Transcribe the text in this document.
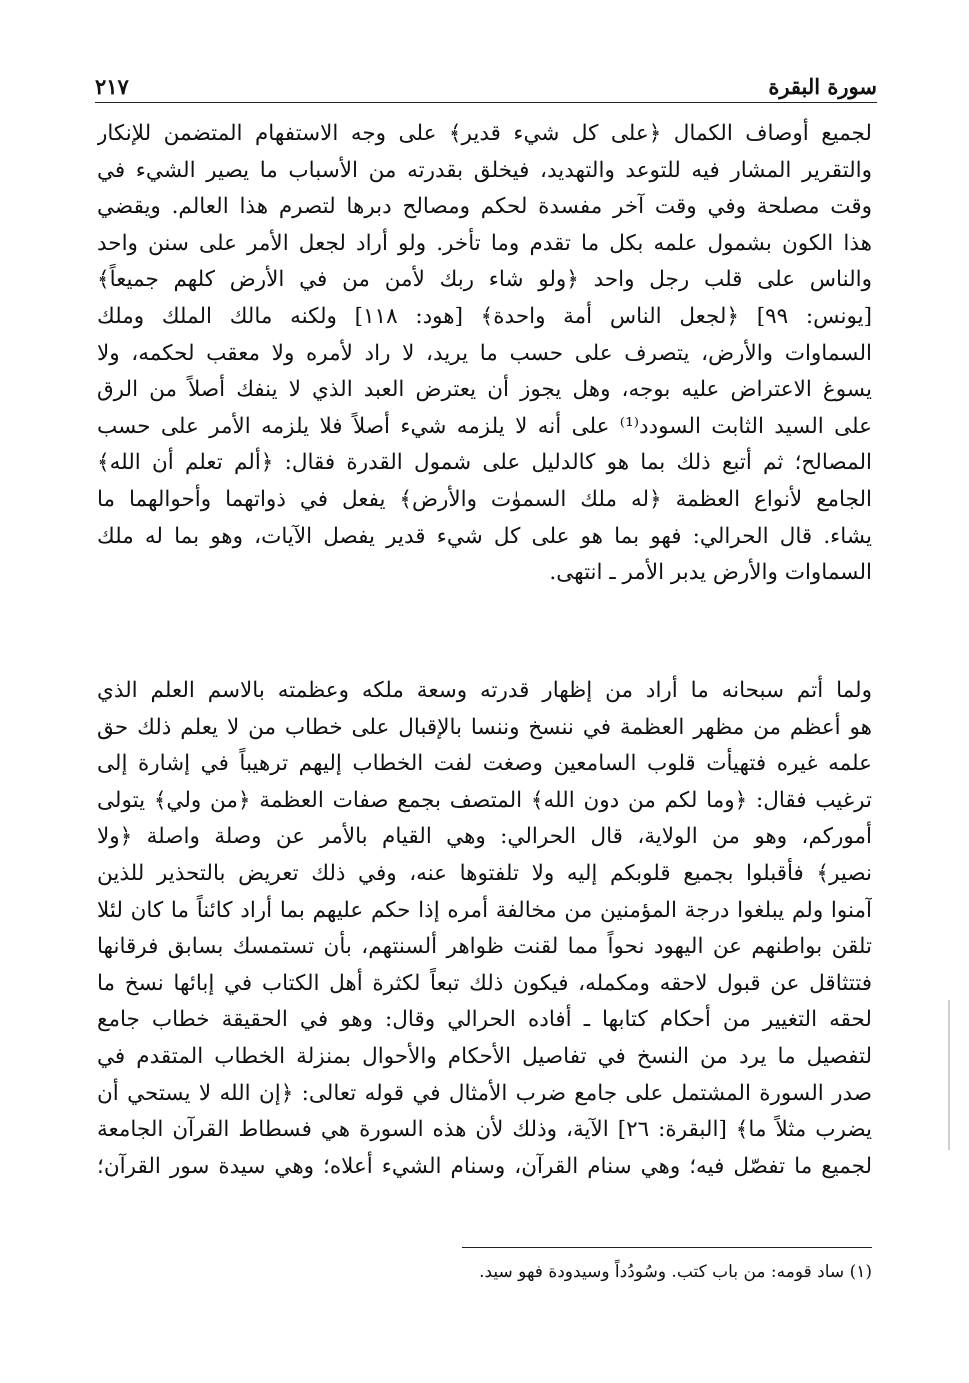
سورة البقرة
٢١٧
لجميع أوصاف الكمال ﴿على كل شيء قدير﴾ على وجه الاستفهام المتضمن للإنكار
والتقرير المشار فيه للتوعد والتهديد، فيخلق بقدرته من الأسباب ما يصير الشيء في
وقت مصلحة وفي وقت آخر مفسدة لحكم ومصالح دبرها لتصرم هذا العالم. ويقضي
هذا الكون بشمول علمه بكل ما تقدم وما تأخر. ولو أراد لجعل الأمر على سنن واحد
والناس على قلب رجل واحد ﴿ولو شاء ربك لأمن من في الأرض كلهم جميعاً﴾
[يونس: ٩٩] ﴿لجعل الناس أمة واحدة﴾ [هود: ١١٨] ولكنه مالك الملك وملك
السماوات والأرض، يتصرف على حسب ما يريد، لا راد لأمره ولا معقب لحكمه، ولا
يسوغ الاعتراض عليه بوجه، وهل يجوز أن يعترض العبد الذي لا ينفك أصلاً من الرق
على السيد الثابت السودد⁽¹⁾ على أنه لا يلزمه شيء أصلاً فلا يلزمه الأمر على حسب
المصالح؛ ثم أتبع ذلك بما هو كالدليل على شمول القدرة فقال: ﴿ألم تعلم أن الله﴾
الجامع لأنواع العظمة ﴿له ملك السموٰت والأرض﴾ يفعل في ذواتهما وأحوالهما ما
يشاء. قال الحرالي: فهو بما هو على كل شيء قدير يفصل الآيات، وهو بما له ملك
السماوات والأرض يدبر الأمر ـ انتهى.
ولما أتم سبحانه ما أراد من إظهار قدرته وسعة ملكه وعظمته بالاسم العلم الذي
هو أعظم من مظهر العظمة في ننسخ وننسا بالإقبال على خطاب من لا يعلم ذلك حق
علمه غيره فتهيأت قلوب السامعين وصغت لفت الخطاب إليهم ترهيباً في إشارة إلى
ترغيب فقال: ﴿وما لكم من دون الله﴾ المتصف بجمع صفات العظمة ﴿من ولي﴾ يتولى
أموركم، وهو من الولاية، قال الحرالي: وهي القيام بالأمر عن وصلة واصلة ﴿ولا
نصير﴾ فأقبلوا بجميع قلوبكم إليه ولا تلفتوها عنه، وفي ذلك تعريض بالتحذير للذين
آمنوا ولم يبلغوا درجة المؤمنين من مخالفة أمره إذا حكم عليهم بما أراد كائناً ما كان لئلا
تلقن بواطنهم عن اليهود نحواً مما لقنت ظواهر ألسنتهم، بأن تستمسك بسابق فرقانها
فتتثاقل عن قبول لاحقه ومكمله، فيكون ذلك تبعاً لكثرة أهل الكتاب في إبائها نسخ ما
لحقه التغيير من أحكام كتابها ـ أفاده الحرالي وقال: وهو في الحقيقة خطاب جامع
لتفصيل ما يرد من النسخ في تفاصيل الأحكام والأحوال بمنزلة الخطاب المتقدم في
صدر السورة المشتمل على جامع ضرب الأمثال في قوله تعالى: ﴿إن الله لا يستحي أن
يضرب مثلاً ما﴾ [البقرة: ٢٦] الآية، وذلك لأن هذه السورة هي فسطاط القرآن الجامعة
لجميع ما تفصّل فيه؛ وهي سنام القرآن، وسنام الشيء أعلاه؛ وهي سيدة سور القرآن؛
(١) ساد قومه: من باب كتب. وسُودُداً وسيدودة فهو سيد.
